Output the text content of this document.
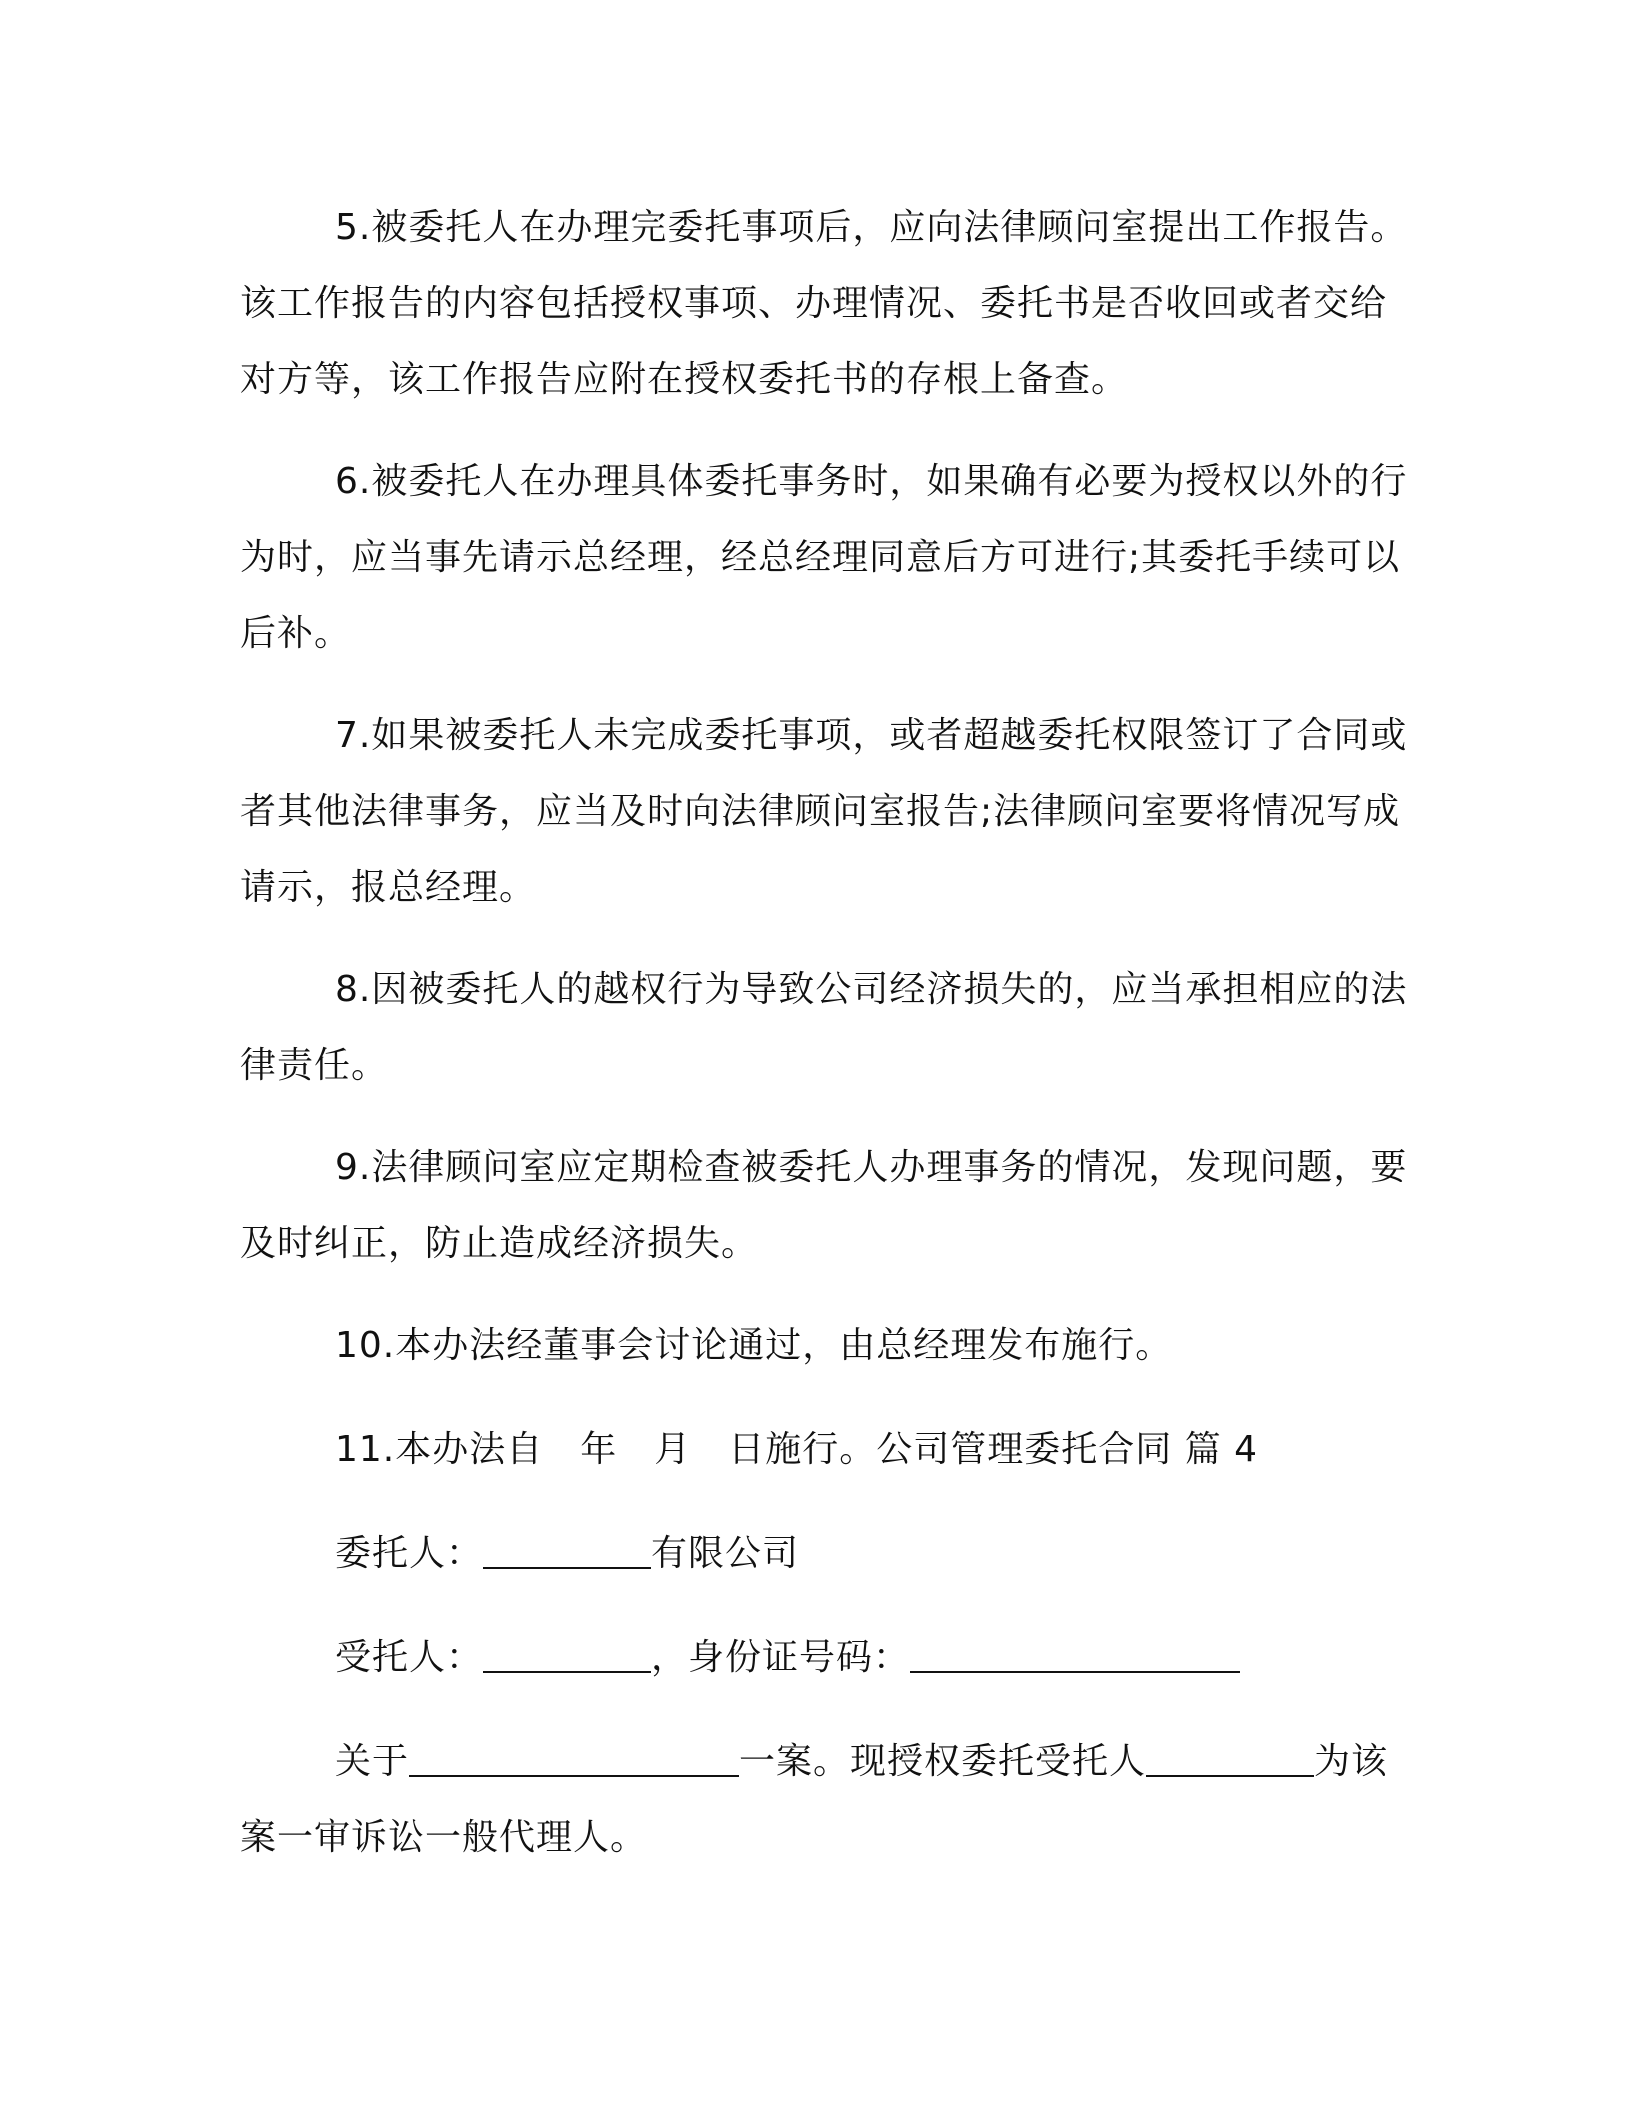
5.被委托人在办理完委托事项后，应向法律顾问室提出工作报告。该工作报告的内容包括授权事项、办理情况、委托书是否收回或者交给对方等，该工作报告应附在授权委托书的存根上备查。

6.被委托人在办理具体委托事务时，如果确有必要为授权以外的行为时，应当事先请示总经理，经总经理同意后方可进行;其委托手续可以后补。

7.如果被委托人未完成委托事项，或者超越委托权限签订了合同或者其他法律事务，应当及时向法律顾问室报告;法律顾问室要将情况写成请示，报总经理。

8.因被委托人的越权行为导致公司经济损失的，应当承担相应的法律责任。

9.法律顾问室应定期检查被委托人办理事务的情况，发现问题，要及时纠正，防止造成经济损失。

10.本办法经董事会讨论通过，由总经理发布施行。

11.本办法自　年　月　日施行。公司管理委托合同 篇 4

委托人：	有限公司

受托人：	，身份证号码：

关于	一案。现授权委托受托人	为该案一审诉讼一般代理人。
